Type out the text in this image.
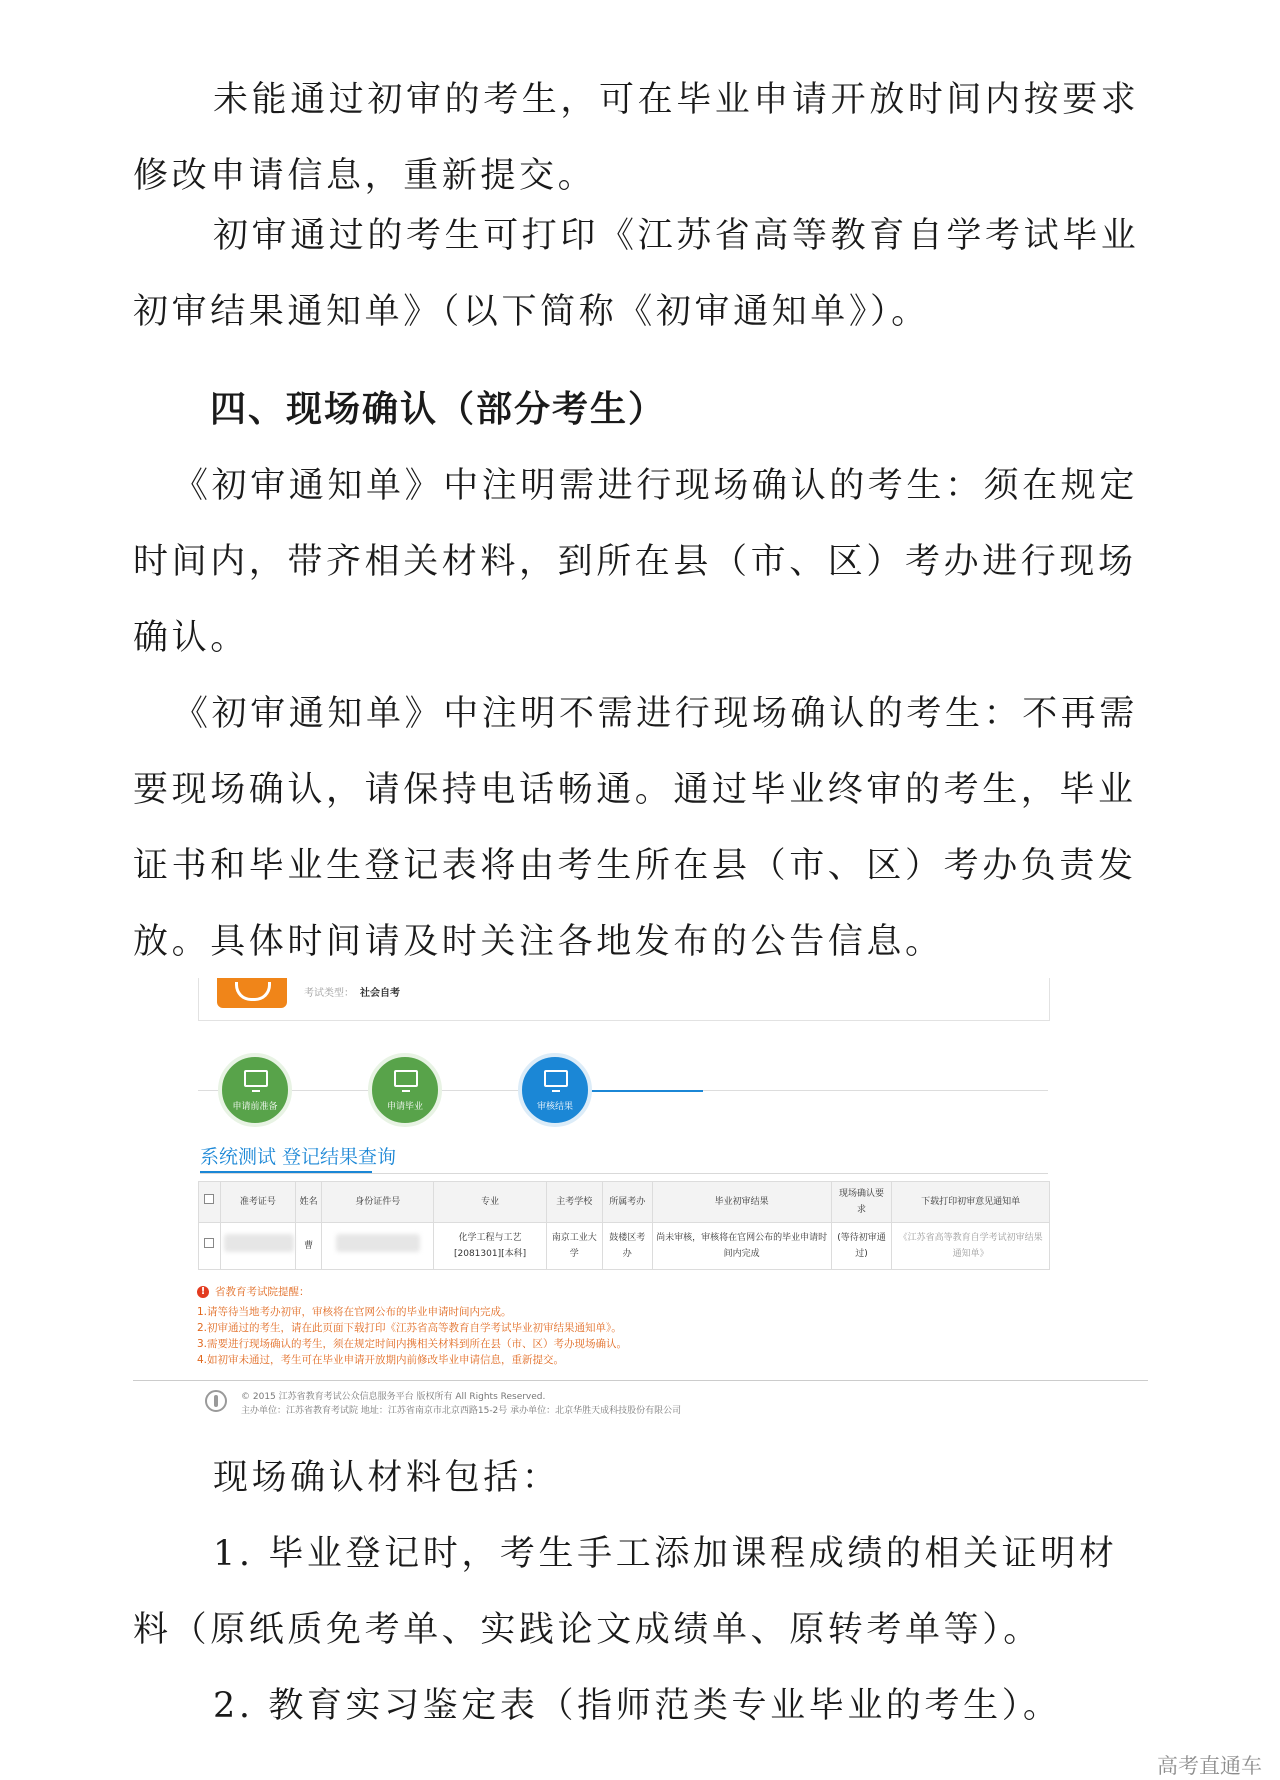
未能通过初审的考生，可在毕业申请开放时间内按要求修改申请信息，重新提交。

初审通过的考生可打印《江苏省高等教育自学考试毕业初审结果通知单》（以下简称《初审通知单》）。

四、现场确认（部分考生）

《初审通知单》中注明需进行现场确认的考生：须在规定时间内，带齐相关材料，到所在县（市、区）考办进行现场确认。

《初审通知单》中注明不需进行现场确认的考生：不再需要现场确认，请保持电话畅通。通过毕业终审的考生，毕业证书和毕业生登记表将由考生所在县（市、区）考办负责发放。具体时间请及时关注各地发布的公告信息。

考试类型： 社会自考
申请前准备	申请毕业	审核结果
系统测试 登记结果查询
	准考证号	姓名	身份证件号	专业	主考学校	所属考办	毕业初审结果	现场确认要求	下载打印初审意见通知单
		曹		化学工程与工艺[2081301][本科]	南京工业大学	鼓楼区考办	尚未审核，审核将在官网公布的毕业申请时间内完成	(等待初审通过)	《江苏省高等教育自学考试初审结果通知单》
! 省教育考试院提醒：
1.请等待当地考办初审，审核将在官网公布的毕业申请时间内完成。
2.初审通过的考生，请在此页面下载打印《江苏省高等教育自学考试毕业初审结果通知单》。
3.需要进行现场确认的考生，须在规定时间内携相关材料到所在县（市、区）考办现场确认。
4.如初审未通过，考生可在毕业申请开放期内前修改毕业申请信息，重新提交。
© 2015 江苏省教育考试公众信息服务平台 版权所有 All Rights Reserved.
主办单位：江苏省教育考试院 地址：江苏省南京市北京西路15-2号 承办单位：北京华胜天成科技股份有限公司

现场确认材料包括：

1. 毕业登记时，考生手工添加课程成绩的相关证明材料（原纸质免考单、实践论文成绩单、原转考单等）。

2. 教育实习鉴定表（指师范类专业毕业的考生）。

高考直通车
